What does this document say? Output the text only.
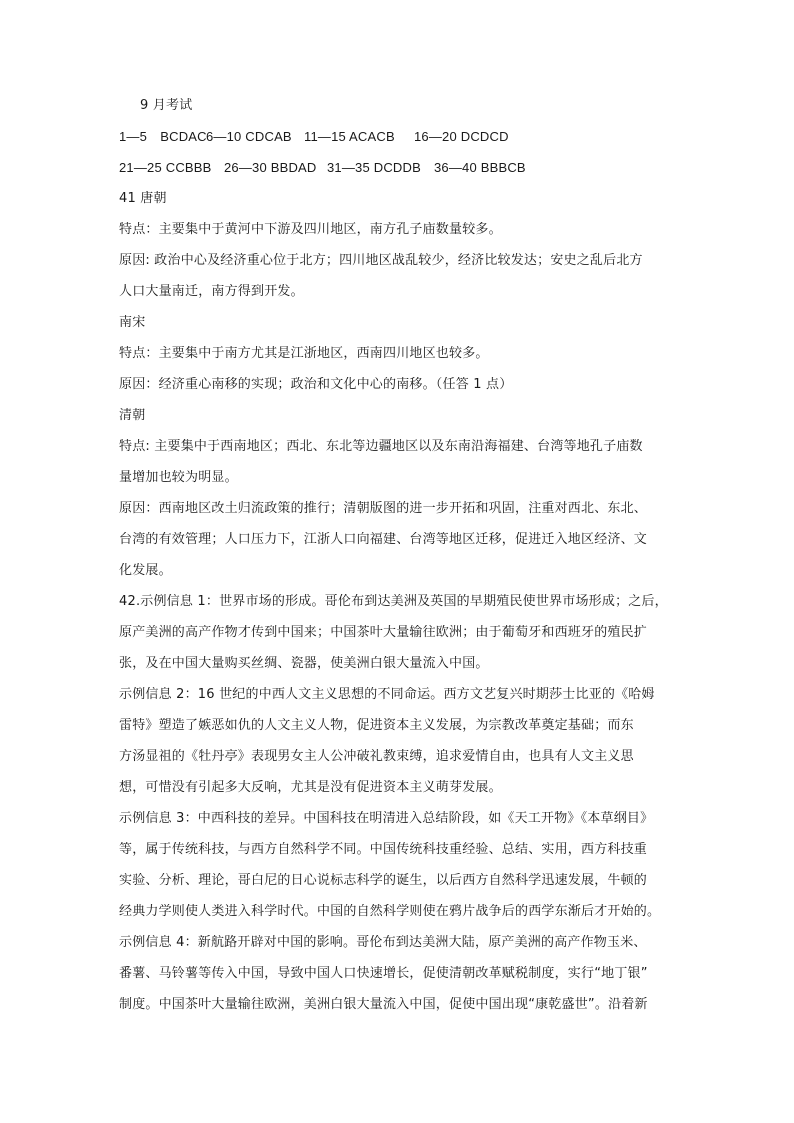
9 月考试
1—5　BCDAC 6—10 CDCAB 11—15 ACACB	16—20 DCDCD
21—25 CCBBB 26—30 BBDAD 31—35 DCDDB	36—40 BBBCB
41 唐朝
特点：主要集中于黄河中下游及四川地区，南方孔子庙数量较多。
原因: 政治中心及经济重心位于北方；四川地区战乱较少，经济比较发达；安史之乱后北方
人口大量南迁，南方得到开发。
南宋
特点：主要集中于南方尤其是江浙地区，西南四川地区也较多。
原因：经济重心南移的实现；政治和文化中心的南移。（任答 1 点）
清朝
特点: 主要集中于西南地区；西北、东北等边疆地区以及东南沿海福建、台湾等地孔子庙数
量增加也较为明显。
原因：西南地区改土归流政策的推行；清朝版图的进一步开拓和巩固，注重对西北、东北、
台湾的有效管理；人口压力下，江浙人口向福建、台湾等地区迁移，促进迁入地区经济、文
化发展。
42.示例信息 1：世界市场的形成。哥伦布到达美洲及英国的早期殖民使世界市场形成；之后，
原产美洲的高产作物才传到中国来；中国茶叶大量输往欧洲；由于葡萄牙和西班牙的殖民扩
张，及在中国大量购买丝绸、瓷器，使美洲白银大量流入中国。
示例信息 2：16 世纪的中西人文主义思想的不同命运。西方文艺复兴时期莎士比亚的《哈姆
雷特》塑造了嫉恶如仇的人文主义人物，促进资本主义发展，为宗教改革奠定基础；而东
方汤显祖的《牡丹亭》表现男女主人公冲破礼教束缚，追求爱情自由，也具有人文主义思
想，可惜没有引起多大反响，尤其是没有促进资本主义萌芽发展。
示例信息 3：中西科技的差异。中国科技在明清进入总结阶段，如《天工开物》《本草纲目》
等，属于传统科技，与西方自然科学不同。中国传统科技重经验、总结、实用，西方科技重
实验、分析、理论，哥白尼的日心说标志科学的诞生，以后西方自然科学迅速发展，牛顿的
经典力学则使人类进入科学时代。中国的自然科学则使在鸦片战争后的西学东渐后才开始的。
示例信息 4：新航路开辟对中国的影响。哥伦布到达美洲大陆，原产美洲的高产作物玉米、
番薯、马铃薯等传入中国，导致中国人口快速增长，促使清朝改革赋税制度，实行“地丁银”
制度。中国茶叶大量输往欧洲，美洲白银大量流入中国，促使中国出现“康乾盛世”。沿着新
